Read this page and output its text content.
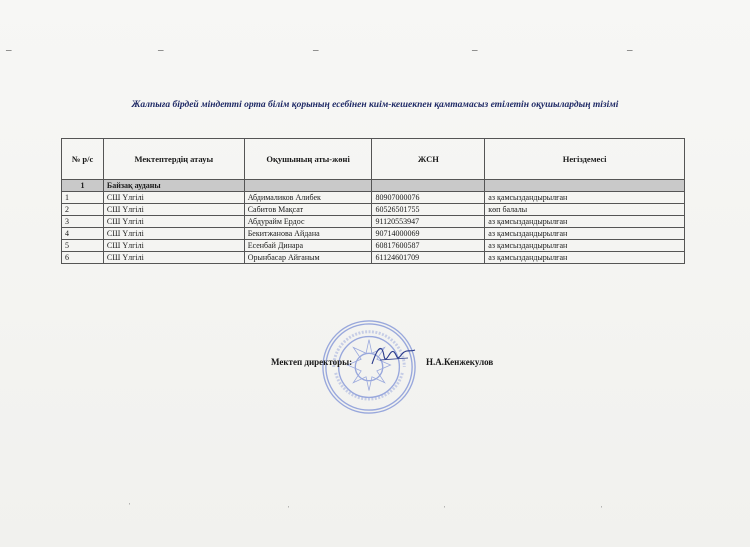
–	–	–	–	–
Жалпыға бірдей міндетті орта білім қорының есебінен киім-кешекпен қамтамасыз етілетін оқушылардың тізімі
№ р/с	Мектептердің атауы	Оқушының аты-жөні	ЖСН	Негіздемесі
1	Байзақ ауданы			
1	СШ Үлгілі	Абдималиков Алибек	80907000076	аз қамсыздандырылған
2	СШ Үлгілі	Сабитов Мақсат	60526501755	көп балалы
3	СШ Үлгілі	Абдурайм Ердос	91120553947	аз қамсыздандырылған
4	СШ Үлгілі	Бекитжанова Айдана	90714000069	аз қамсыздандырылған
5	СШ Үлгілі	Есенбай Динара	60817600587	аз қамсыздандырылған
6	СШ Үлгілі	Орынбасар Айганым	61124601709	аз қамсыздандырылған
Мектеп директоры:	Н.А.Кенжекулов
ˈ	ˈ	ˈ	ˈ
